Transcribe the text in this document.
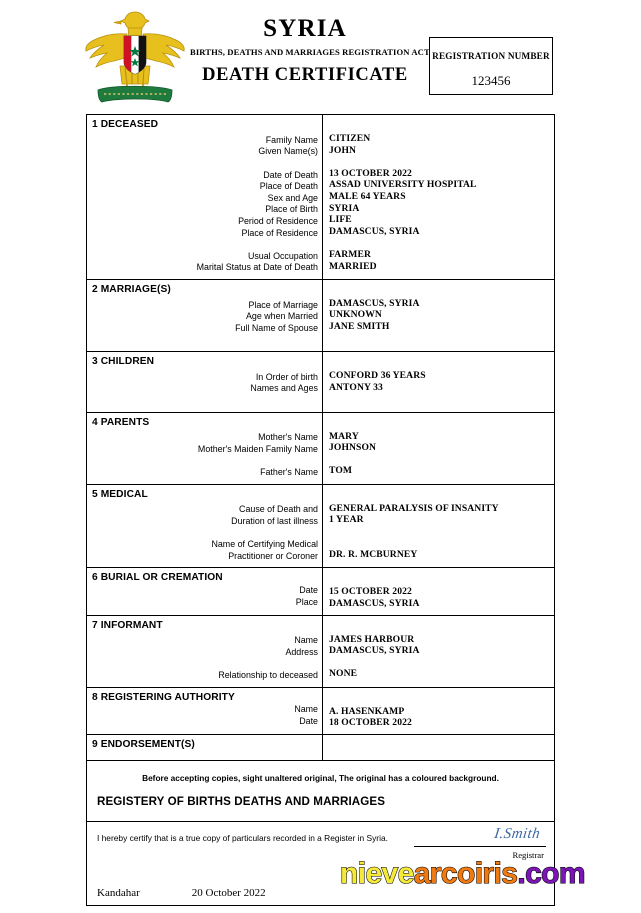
SYRIA
BIRTHS, DEATHS AND MARRIAGES REGISTRATION ACT
DEATH CERTIFICATE
REGISTRATION NUMBER
123456
1 DECEASED
Family Name
Given Name(s)
Date of Death
Place of Death
Sex and Age
Place of Birth
Period of Residence
Place of Residence
Usual Occupation
Marital Status at Date of Death
CITIZEN
JOHN
13 OCTOBER 2022
ASSAD UNIVERSITY HOSPITAL
MALE 64 YEARS
SYRIA
LIFE
DAMASCUS, SYRIA
FARMER
MARRIED
2 MARRIAGE(S)
Place of Marriage
Age when Married
Full Name of Spouse
DAMASCUS, SYRIA
UNKNOWN
JANE SMITH
3 CHILDREN
In Order of birth
Names and Ages
CONFORD 36 YEARS
ANTONY 33
4 PARENTS
Mother's Name
Mother's Maiden Family Name
Father's Name
MARY
JOHNSON
TOM
5 MEDICAL
Cause of Death and
Duration of last illness
Name of Certifying Medical
Practitioner or Coroner
GENERAL PARALYSIS OF INSANITY
1 YEAR
DR. R. MCBURNEY
6 BURIAL OR CREMATION
Date
Place
15 OCTOBER 2022
DAMASCUS, SYRIA
7 INFORMANT
Name
Address
Relationship to deceased
JAMES HARBOUR
DAMASCUS, SYRIA
NONE
8 REGISTERING AUTHORITY
Name
Date
A. HASENKAMP
18 OCTOBER 2022
9 ENDORSEMENT(S)
Before accepting copies, sight unaltered original, The original has a coloured background.
REGISTERY OF BIRTHS DEATHS AND MARRIAGES
I hereby certify that is a true copy of particulars recorded in a Register in Syria.	I.Smith
Registrar
Kandahar	20 October 2022
nievearcoiris.com
